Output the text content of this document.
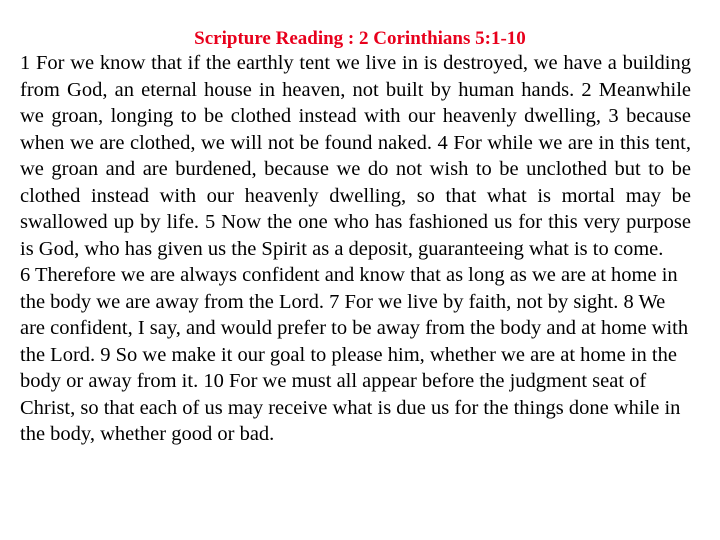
Scripture Reading : 2 Corinthians 5:1-10

1 For we know that if the earthly tent we live in is destroyed, we have a building from God, an eternal house in heaven, not built by human hands. 2 Meanwhile we groan, longing to be clothed instead with our heavenly dwelling, 3 because when we are clothed, we will not be found naked. 4 For while we are in this tent, we groan and are burdened, because we do not wish to be unclothed but to be clothed instead with our heavenly dwelling, so that what is mortal may be swallowed up by life. 5 Now the one who has fashioned us for this very purpose is God, who has given us the Spirit as a deposit, guaranteeing what is to come.

6 Therefore we are always confident and know that as long as we are at home in the body we are away from the Lord. 7 For we live by faith, not by sight. 8 We are confident, I say, and would prefer to be away from the body and at home with the Lord. 9 So we make it our goal to please him, whether we are at home in the body or away from it. 10 For we must all appear before the judgment seat of Christ, so that each of us may receive what is due us for the things done while in the body, whether good or bad.
